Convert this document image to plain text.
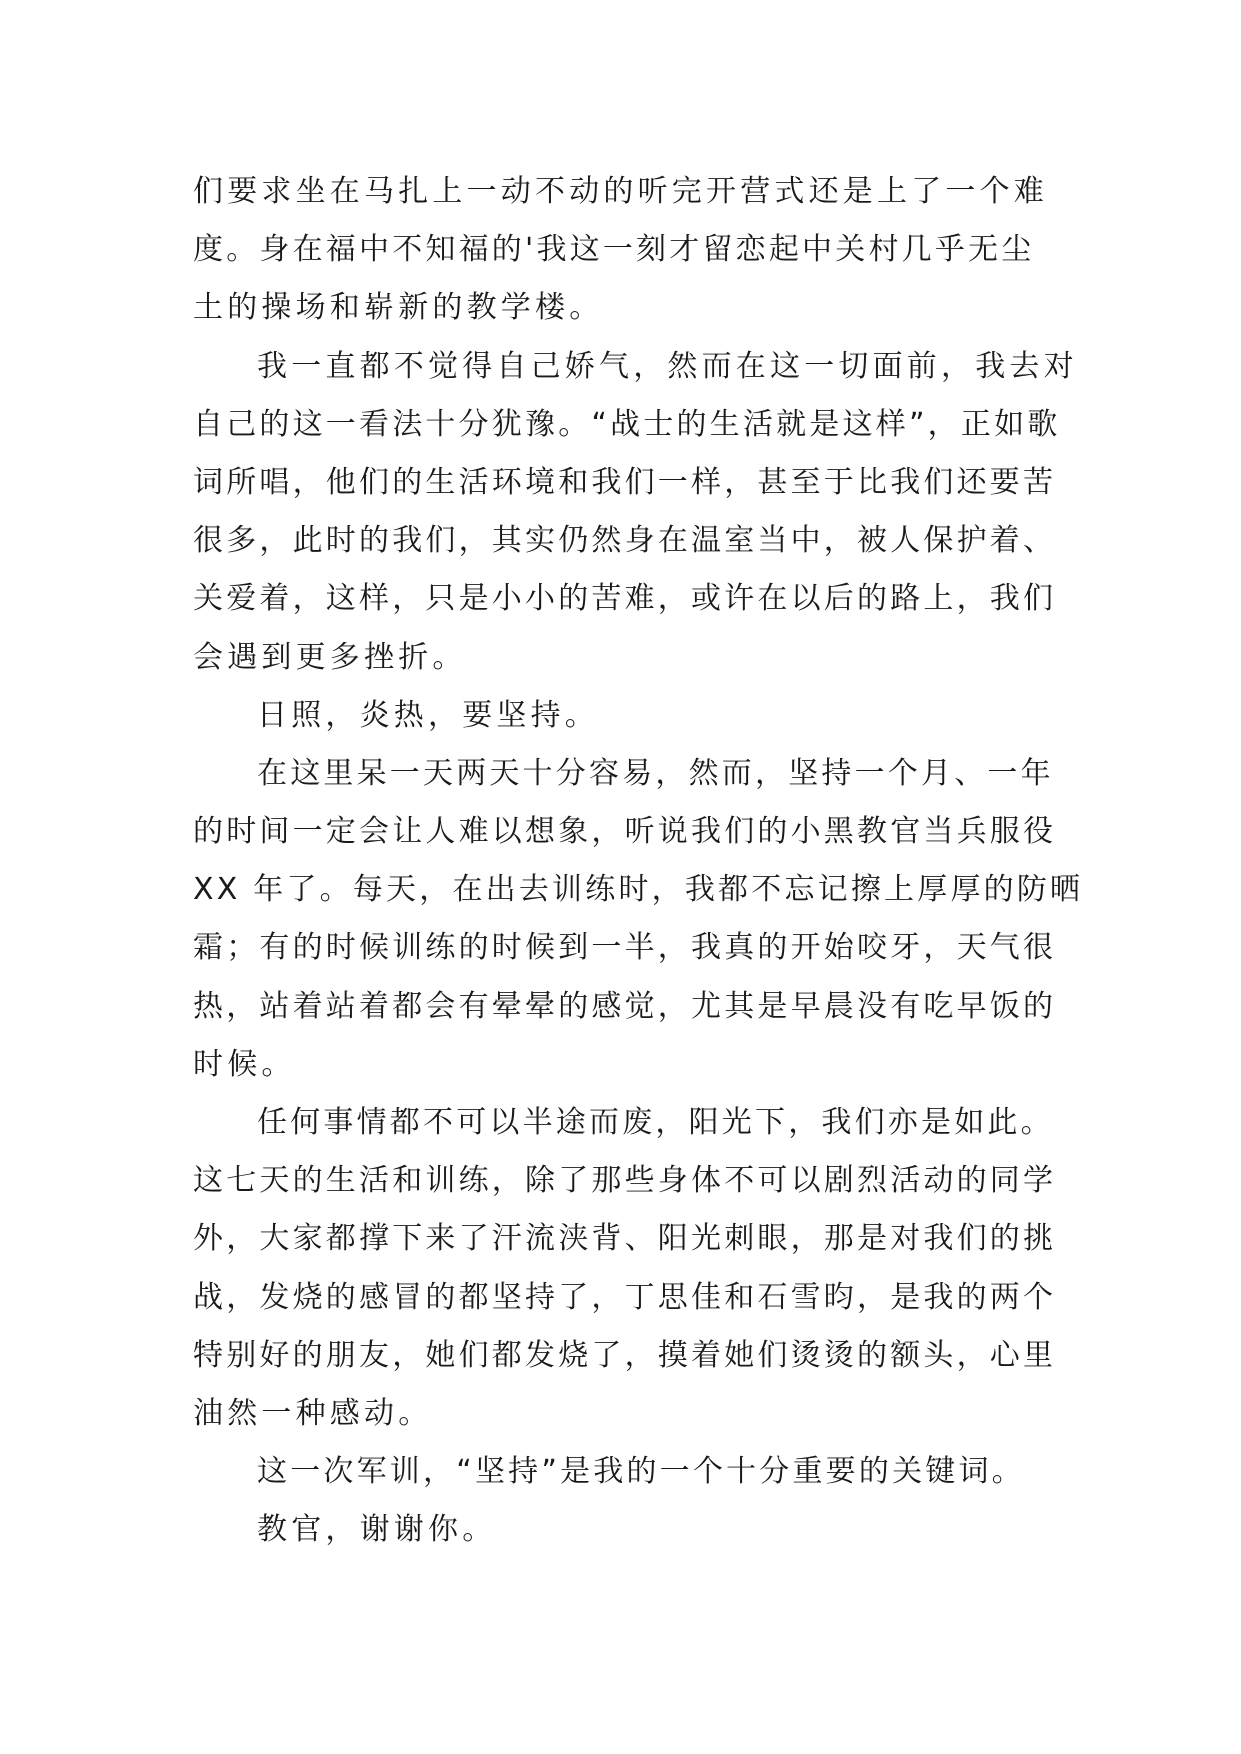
们要求坐在马扎上一动不动的听完开营式还是上了一个难
度。身在福中不知福的'我这一刻才留恋起中关村几乎无尘
土的操场和崭新的教学楼。
我一直都不觉得自己娇气，然而在这一切面前，我去对
自己的这一看法十分犹豫。“战士的生活就是这样”，正如歌
词所唱，他们的生活环境和我们一样，甚至于比我们还要苦
很多，此时的我们，其实仍然身在温室当中，被人保护着、
关爱着，这样，只是小小的苦难，或许在以后的路上，我们
会遇到更多挫折。
日照，炎热，要坚持。
在这里呆一天两天十分容易，然而，坚持一个月、一年
的时间一定会让人难以想象，听说我们的小黑教官当兵服役
XX 年了。每天，在出去训练时，我都不忘记擦上厚厚的防晒
霜；有的时候训练的时候到一半，我真的开始咬牙，天气很
热，站着站着都会有晕晕的感觉，尤其是早晨没有吃早饭的
时候。
任何事情都不可以半途而废，阳光下，我们亦是如此。
这七天的生活和训练，除了那些身体不可以剧烈活动的同学
外，大家都撑下来了汗流浃背、阳光刺眼，那是对我们的挑
战，发烧的感冒的都坚持了，丁思佳和石雪昀，是我的两个
特别好的朋友，她们都发烧了，摸着她们烫烫的额头，心里
油然一种感动。
这一次军训，“坚持”是我的一个十分重要的关键词。
教官，谢谢你。
